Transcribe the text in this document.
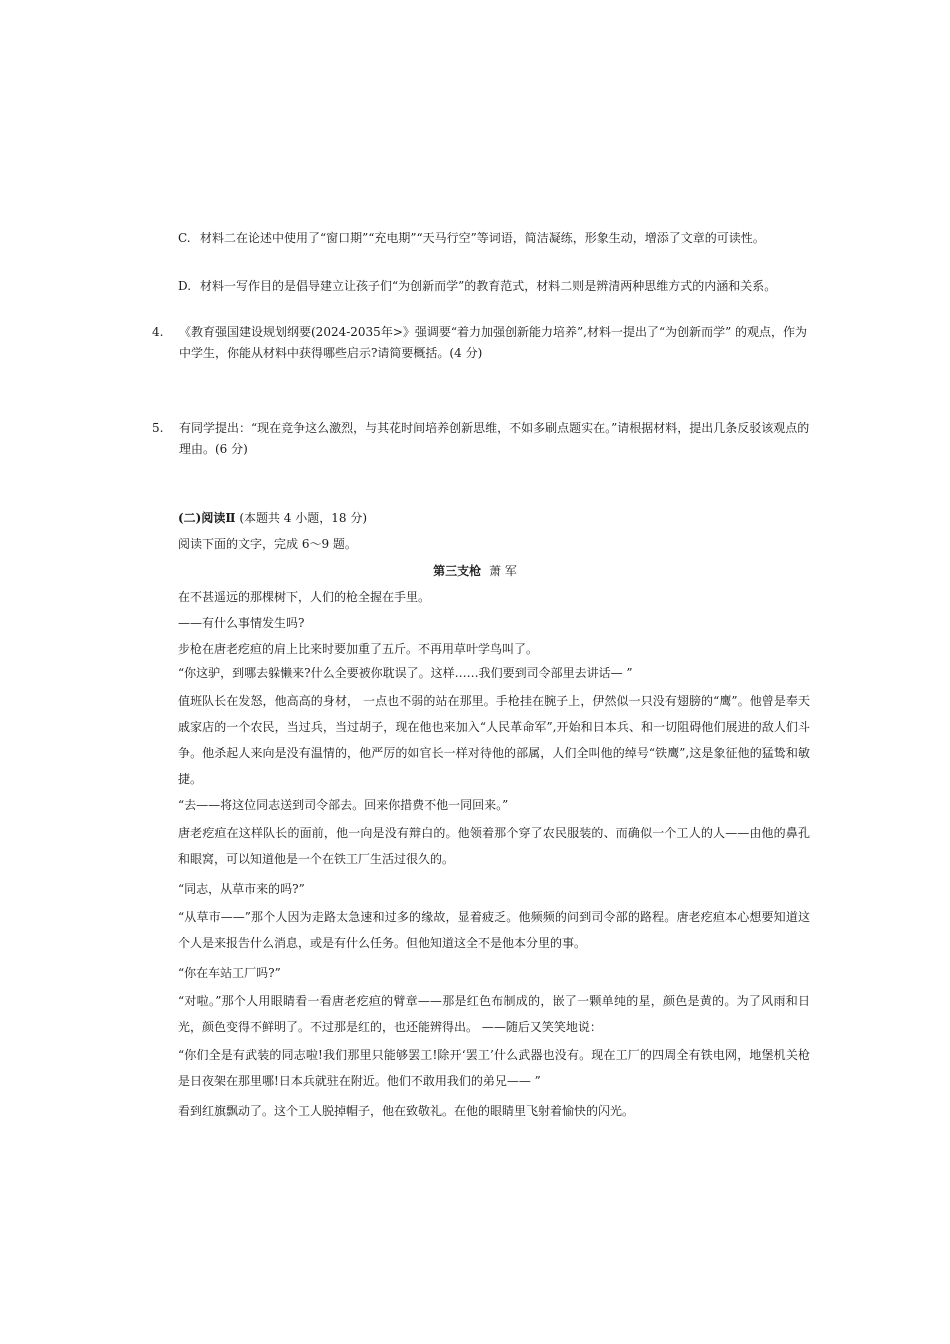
C. 材料二在论述中使用了“窗口期”“充电期”“天马行空”等词语，简洁凝练，形象生动，增添了文章的可读性。
D. 材料一写作目的是倡导建立让孩子们“为创新而学”的教育范式，材料二则是辨清两种思维方式的内涵和关系。
4.	《教育强国建设规划纲要(2024-2035年>》强调要“着力加强创新能力培养”,材料一提出了“为创新而学” 的观点，作为中学生，你能从材料中获得哪些启示?请简要概括。(4 分)
5.	有同学提出：“现在竞争这么激烈，与其花时间培养创新思维，不如多刷点题实在。”请根据材料，提出几条反驳该观点的理由。(6 分)
(二)阅读Ⅱ (本题共 4 小题，18 分)
阅读下面的文字，完成 6～9 题。
第三支枪 萧 军
在不甚遥远的那棵树下，人们的枪全握在手里。
——有什么事情发生吗?
步枪在唐老疙疸的肩上比来时要加重了五斤。不再用草叶学鸟叫了。
“你这驴，到哪去躲懒来?什么全要被你耽误了。这样……我们要到司令部里去讲话— ”
值班队长在发怒，他高高的身材， 一点也不弱的站在那里。手枪挂在腕子上，伊然似一只没有翅膀的“鹰”。他曾是奉天戚家店的一个农民，当过兵，当过胡子，现在他也来加入“人民革命军”,开始和日本兵、和一切阻碍他们展进的敌人们斗争。他杀起人来向是没有温情的，他严厉的如官长一样对待他的部属，人们全叫他的绰号“铁鹰”,这是象征他的猛鸷和敏捷。
“去——将这位同志送到司令部去。回来你措费不他一同回来。”
唐老疙疸在这样队长的面前，他一向是没有辩白的。他领着那个穿了农民服装的、而确似一个工人的人——由他的鼻孔和眼窝，可以知道他是一个在铁工厂生活过很久的。
“同志，从草市来的吗?”
“从草市——”那个人因为走路太急速和过多的缘故，显着疲乏。他频频的问到司令部的路程。唐老疙疸本心想要知道这个人是来报告什么消息，或是有什么任务。但他知道这全不是他本分里的事。
“你在车站工厂吗?”
“对啦。”那个人用眼睛看一看唐老疙疸的臂章——那是红色布制成的，嵌了一颗单纯的星，颜色是黄的。为了风雨和日光，颜色变得不鲜明了。不过那是红的，也还能辨得出。 ——随后又笑笑地说：
“你们全是有武装的同志啦!我们那里只能够罢工!除开‘罢工’什么武器也没有。现在工厂的四周全有铁电网，地堡机关枪是日夜架在那里哪!日本兵就驻在附近。他们不敢用我们的弟兄—— ”
看到红旗飘动了。这个工人脱掉帽子，他在致敬礼。在他的眼睛里飞射着愉快的闪光。
